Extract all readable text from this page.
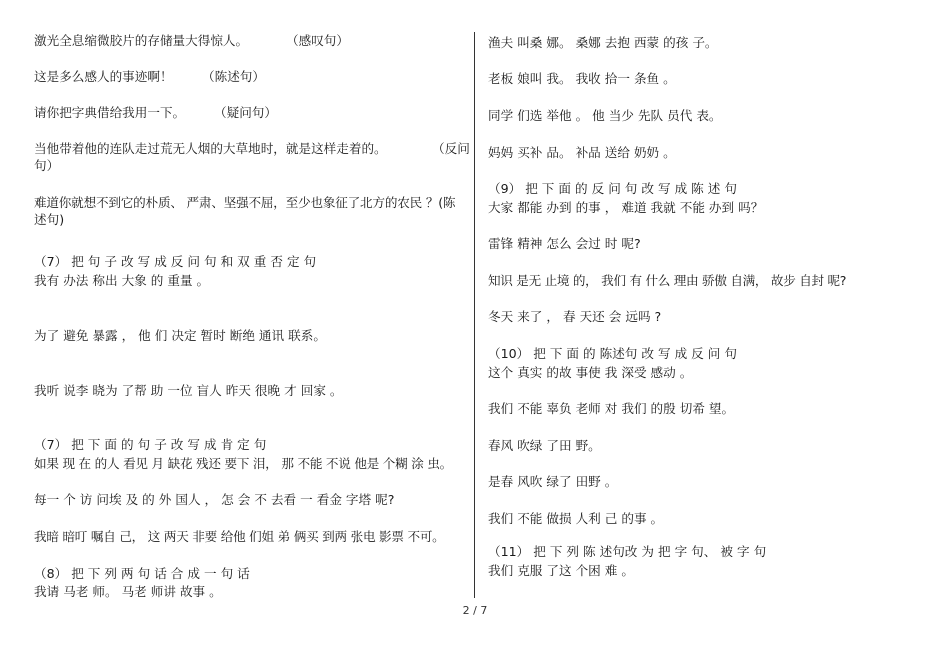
激光全息缩微胶片的存储量大得惊人。	（感叹句）
这是多么感人的事迹啊！ （陈述句）
请你把字典借给我用一下。 （疑问句）
当他带着他的连队走过荒无人烟的大草地时，就是这样走着的。	（反问
句）
难道你就想不到它的朴质、 严肃、坚强不屈，至少也象征了北方的农民 ？(陈
述句)
（7） 把 句 子 改 写 成 反 问 句 和 双 重 否 定 句
我有 办法 称出 大象 的 重量 。
为了 避免 暴露 ， 他 们 决定 暂时 断绝 通讯 联系。
我听 说李 晓为 了帮 助 一位 盲人 昨天 很晚 才 回家 。
（7） 把 下 面 的 句 子 改 写 成 肯 定 句
如果 现 在 的人 看见 月 缺花 残还 要下 泪， 那 不能 不说 他是 个糊 涂 虫。
每一 个 访 问埃 及 的 外 国人 ， 怎 会 不 去看 一 看金 字塔 呢?
我暗 暗叮 嘱自 己， 这 两天 非要 给他 们姐 弟 俩买 到两 张电 影票 不可。
（8） 把 下 列 两 句 话 合 成 一 句 话
我请 马老 师。 马老 师讲 故事 。
渔夫 叫桑 娜。 桑娜 去抱 西蒙 的孩 子。
老板 娘叫 我。 我收 拾一 条鱼 。
同学 们选 举他 。 他 当少 先队 员代 表。
妈妈 买补 品。 补品 送给 奶奶 。
（9） 把 下 面 的 反 问 句 改 写 成 陈 述 句
大家 都能 办到 的事 ， 难道 我就 不能 办到 吗？
雷锋 精神 怎么 会过 时 呢?
知识 是无 止境 的， 我们 有 什么 理由 骄傲 自满， 故步 自封 呢?
冬天 来了 ， 春 天还 会 远吗 ?
（10） 把 下 面 的 陈述句 改 写 成 反 问 句
这个 真实 的故 事使 我 深受 感动 。
我们 不能 辜负 老师 对 我们 的殷 切希 望。
春风 吹绿 了田 野。
是春 风吹 绿了 田野 。
我们 不能 做损 人利 己 的事 。
（11） 把 下 列 陈 述句改 为 把 字 句、 被 字 句
我们 克服 了这 个困 难 。
2 / 7
